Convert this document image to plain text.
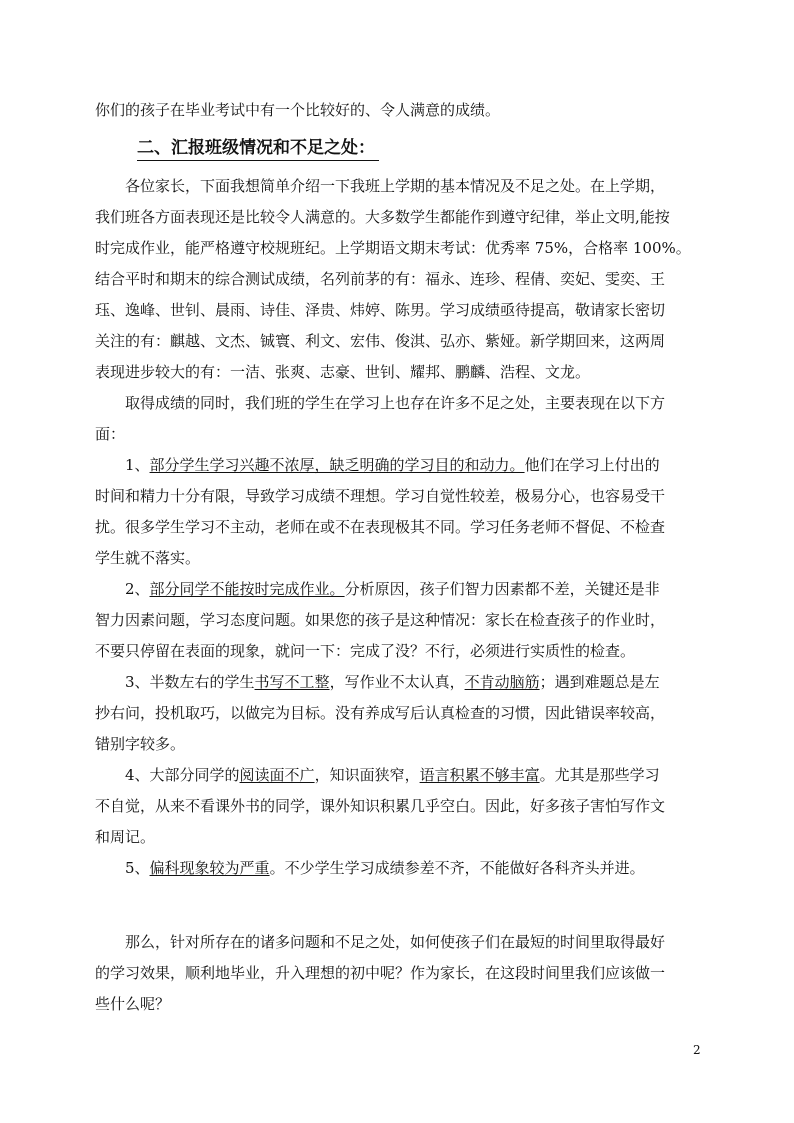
你们的孩子在毕业考试中有一个比较好的、令人满意的成绩。
二、汇报班级情况和不足之处：
各位家长，下面我想简单介绍一下我班上学期的基本情况及不足之处。在上学期，
我们班各方面表现还是比较令人满意的。大多数学生都能作到遵守纪律，举止文明,能按
时完成作业，能严格遵守校规班纪。上学期语文期末考试：优秀率 75%，合格率 100%。
结合平时和期末的综合测试成绩，名列前茅的有：福永、连珍、程倩、奕妃、雯奕、王
珏、逸峰、世钊、晨雨、诗佳、泽贵、炜婷、陈男。学习成绩亟待提高，敬请家长密切
关注的有：麒越、文杰、铖寰、利文、宏伟、俊淇、弘亦、紫娅。新学期回来，这两周
表现进步较大的有：一洁、张爽、志豪、世钊、耀邦、鹏麟、浩程、文龙。
取得成绩的同时，我们班的学生在学习上也存在许多不足之处，主要表现在以下方
面：
1、部分学生学习兴趣不浓厚，缺乏明确的学习目的和动力。他们在学习上付出的
时间和精力十分有限，导致学习成绩不理想。学习自觉性较差，极易分心，也容易受干
扰。很多学生学习不主动，老师在或不在表现极其不同。学习任务老师不督促、不检查
学生就不落实。
2、部分同学不能按时完成作业。分析原因，孩子们智力因素都不差，关键还是非
智力因素问题，学习态度问题。如果您的孩子是这种情况：家长在检查孩子的作业时，
不要只停留在表面的现象，就问一下：完成了没？不行，必须进行实质性的检查。
3、半数左右的学生书写不工整，写作业不太认真，不肯动脑筋；遇到难题总是左
抄右问，投机取巧，以做完为目标。没有养成写后认真检查的习惯，因此错误率较高，
错别字较多。
4、大部分同学的阅读面不广，知识面狭窄，语言积累不够丰富。尤其是那些学习
不自觉，从来不看课外书的同学，课外知识积累几乎空白。因此，好多孩子害怕写作文
和周记。
5、偏科现象较为严重。不少学生学习成绩参差不齐，不能做好各科齐头并进。
那么，针对所存在的诸多问题和不足之处，如何使孩子们在最短的时间里取得最好
的学习效果，顺利地毕业，升入理想的初中呢？作为家长，在这段时间里我们应该做一
些什么呢？
2
